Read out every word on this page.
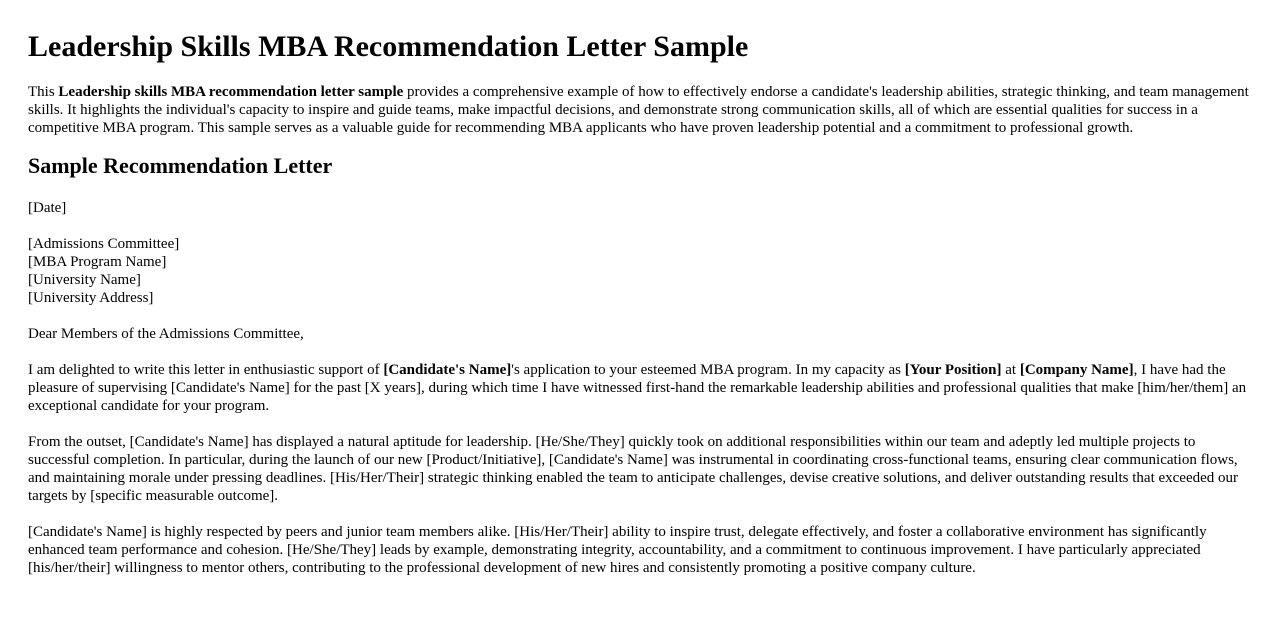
Leadership Skills MBA Recommendation Letter Sample

This Leadership skills MBA recommendation letter sample provides a comprehensive example of how to effectively endorse a candidate's leadership abilities, strategic thinking, and team management skills. It highlights the individual's capacity to inspire and guide teams, make impactful decisions, and demonstrate strong communication skills, all of which are essential qualities for success in a competitive MBA program. This sample serves as a valuable guide for recommending MBA applicants who have proven leadership potential and a commitment to professional growth.

Sample Recommendation Letter

[Date]

[Admissions Committee]
[MBA Program Name]
[University Name]
[University Address]

Dear Members of the Admissions Committee,

I am delighted to write this letter in enthusiastic support of [Candidate's Name]'s application to your esteemed MBA program. In my capacity as [Your Position] at [Company Name], I have had the pleasure of supervising [Candidate's Name] for the past [X years], during which time I have witnessed first-hand the remarkable leadership abilities and professional qualities that make [him/her/them] an exceptional candidate for your program.

From the outset, [Candidate's Name] has displayed a natural aptitude for leadership. [He/She/They] quickly took on additional responsibilities within our team and adeptly led multiple projects to successful completion. In particular, during the launch of our new [Product/Initiative], [Candidate's Name] was instrumental in coordinating cross-functional teams, ensuring clear communication flows, and maintaining morale under pressing deadlines. [His/Her/Their] strategic thinking enabled the team to anticipate challenges, devise creative solutions, and deliver outstanding results that exceeded our targets by [specific measurable outcome].

[Candidate's Name] is highly respected by peers and junior team members alike. [His/Her/Their] ability to inspire trust, delegate effectively, and foster a collaborative environment has significantly enhanced team performance and cohesion. [He/She/They] leads by example, demonstrating integrity, accountability, and a commitment to continuous improvement. I have particularly appreciated [his/her/their] willingness to mentor others, contributing to the professional development of new hires and consistently promoting a positive company culture.
